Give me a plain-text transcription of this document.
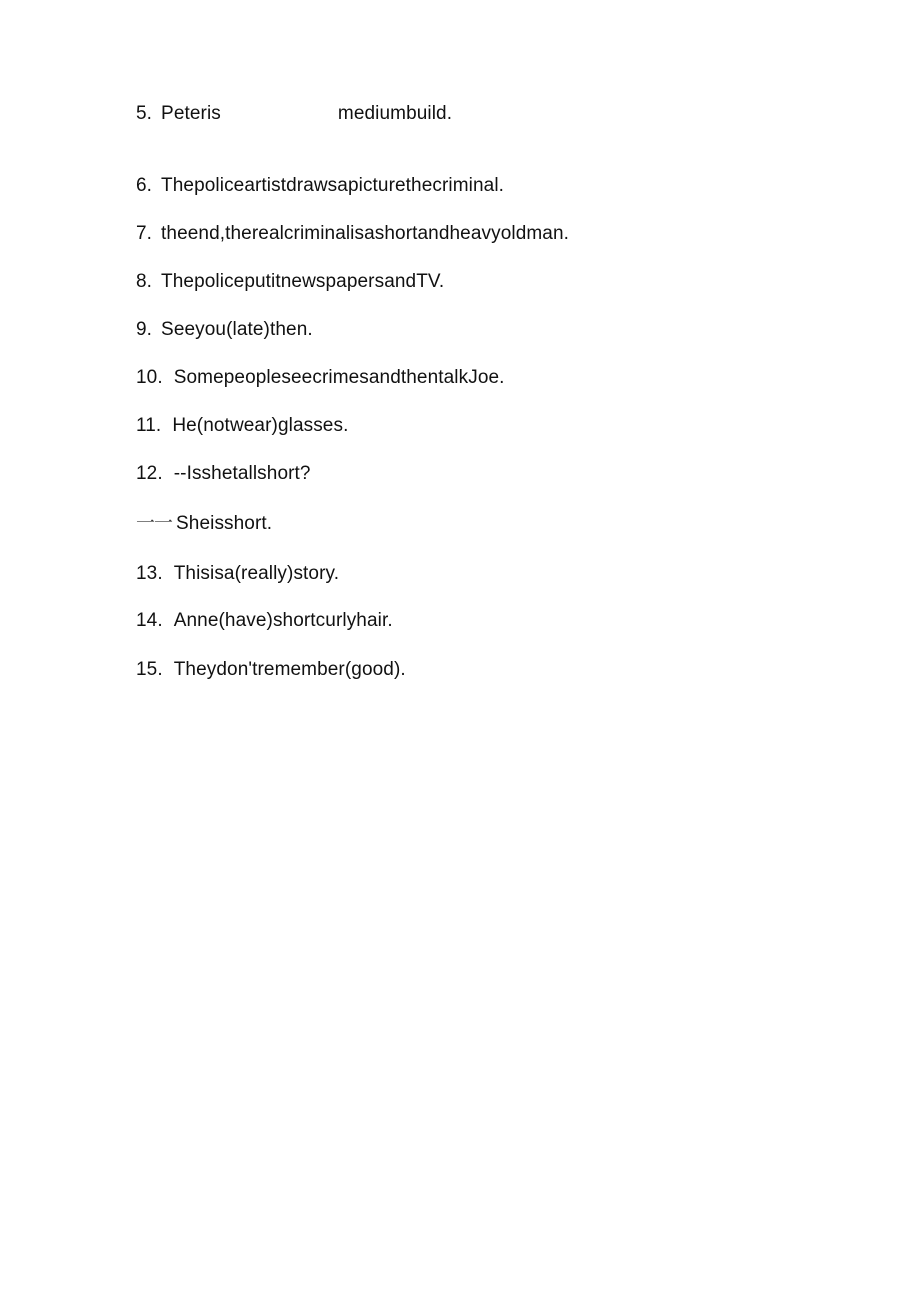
5. Peteris	mediumbuild.
6. Thepoliceartistdrawsapicturethecriminal.
7. theend,therealcriminalisashortandheavyoldman.
8. ThepoliceputitnewspapersandTV.
9. Seeyou(late)then.
10. SomepeopleseecrimesandthentalkJoe.
11. He(notwear)glasses.
12. --Isshetallshort?
一一 Sheisshort.
13. Thisisa(really)story.
14. Anne(have)shortcurlyhair.
15. Theydon'tremember(good).
